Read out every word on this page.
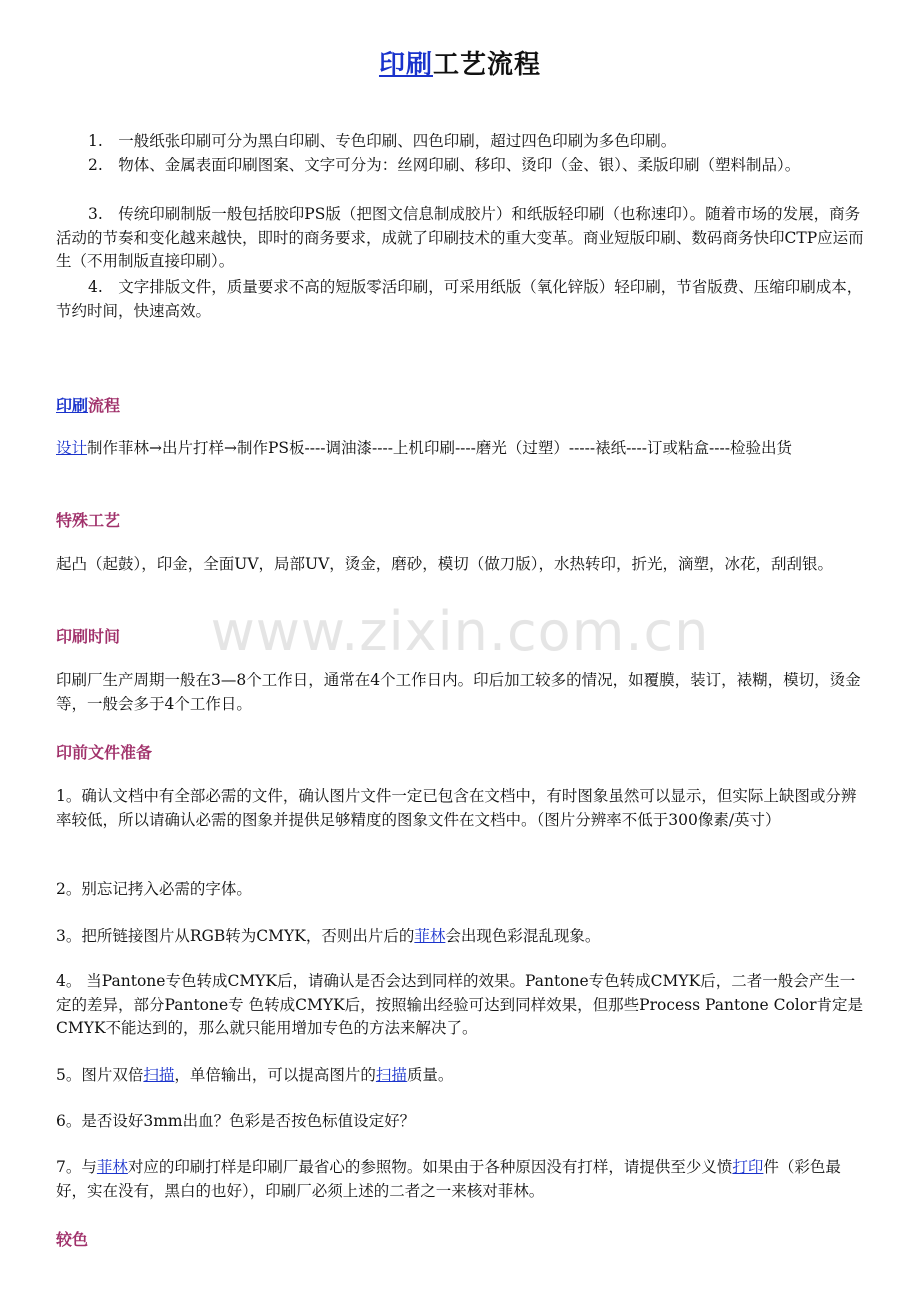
www.zixin.com.cn
印刷工艺流程
1.　一般纸张印刷可分为黑白印刷、专色印刷、四色印刷，超过四色印刷为多色印刷。
2.　物体、金属表面印刷图案、文字可分为：丝网印刷、移印、烫印（金、银）、柔版印刷（塑料制品）。
3.　传统印刷制版一般包括胶印PS版（把图文信息制成胶片）和纸版轻印刷（也称速印）。随着市场的发展，商务活动的节奏和变化越来越快，即时的商务要求，成就了印刷技术的重大变革。商业短版印刷、数码商务快印CTP应运而生（不用制版直接印刷）。
4.　文字排版文件，质量要求不高的短版零活印刷，可采用纸版（氧化锌版）轻印刷，节省版费、压缩印刷成本，节约时间，快速高效。
印刷流程
设计制作菲林→出片打样→制作PS板----调油漆----上机印刷----磨光（过塑）-----裱纸----订或粘盒----检验出货
特殊工艺
起凸（起鼓），印金，全面UV，局部UV，烫金，磨砂，模切（做刀版），水热转印，折光，滴塑，冰花，刮刮银。
印刷时间
印刷厂生产周期一般在3—8个工作日，通常在4个工作日内。印后加工较多的情况，如覆膜，装订，裱糊，模切，烫金等，一般会多于4个工作日。
印前文件准备
1。确认文档中有全部必需的文件，确认图片文件一定已包含在文档中，有时图象虽然可以显示，但实际上缺图或分辨率较低，所以请确认必需的图象并提供足够精度的图象文件在文档中。（图片分辨率不低于300像素/英寸）
2。别忘记拷入必需的字体。
3。把所链接图片从RGB转为CMYK，否则出片后的菲林会出现色彩混乱现象。
4。 当Pantone专色转成CMYK后，请确认是否会达到同样的效果。Pantone专色转成CMYK后，二者一般会产生一定的差异，部分Pantone专 色转成CMYK后，按照输出经验可达到同样效果，但那些Process Pantone Color肯定是CMYK不能达到的，那么就只能用增加专色的方法来解决了。
5。图片双倍扫描，单倍输出，可以提高图片的扫描质量。
6。是否设好3mm出血？色彩是否按色标值设定好？
7。与菲林对应的印刷打样是印刷厂最省心的参照物。如果由于各种原因没有打样，请提供至少义愤打印件（彩色最好，实在没有，黑白的也好），印刷厂必须上述的二者之一来核对菲林。
较色
